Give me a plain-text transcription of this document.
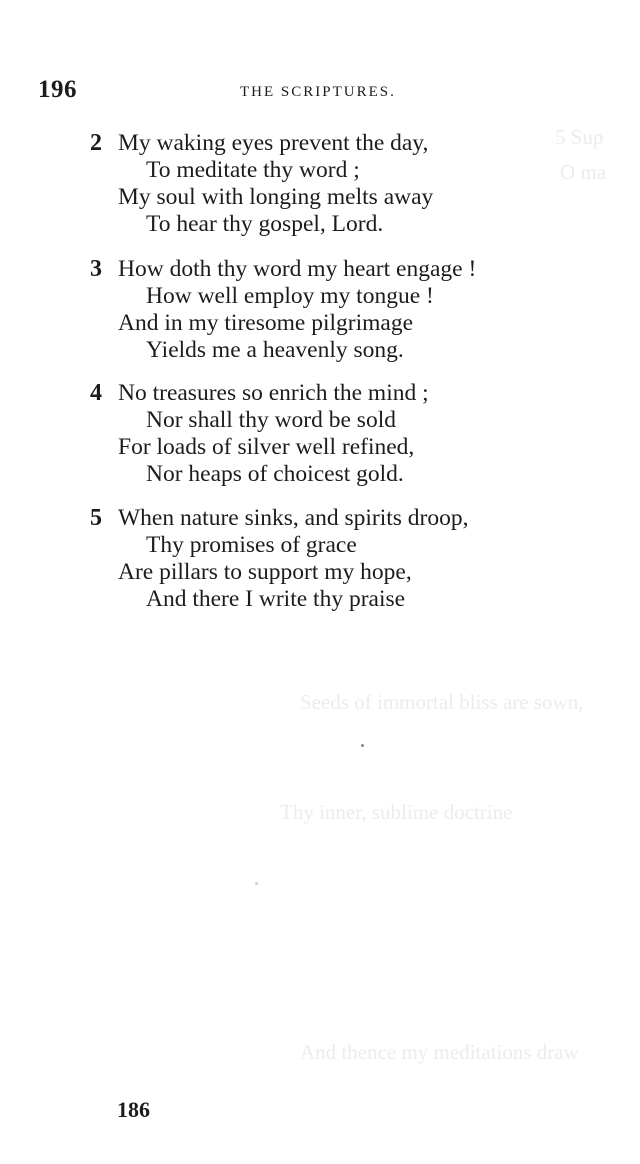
5 Sup
O ma
Seeds of immortal bliss are sown,
Thy inner, sublime doctrine
And thence my meditations draw
196	THE SCRIPTURES.
2 My waking eyes prevent the day,
To meditate thy word ;
My soul with longing melts away
To hear thy gospel, Lord.
3 How doth thy word my heart engage !
How well employ my tongue !
And in my tiresome pilgrimage
Yields me a heavenly song.
4 No treasures so enrich the mind ;
Nor shall thy word be sold
For loads of silver well refined,
Nor heaps of choicest gold.
5 When nature sinks, and spirits droop,
Thy promises of grace
Are pillars to support my hope,
And there I write thy praise
186
